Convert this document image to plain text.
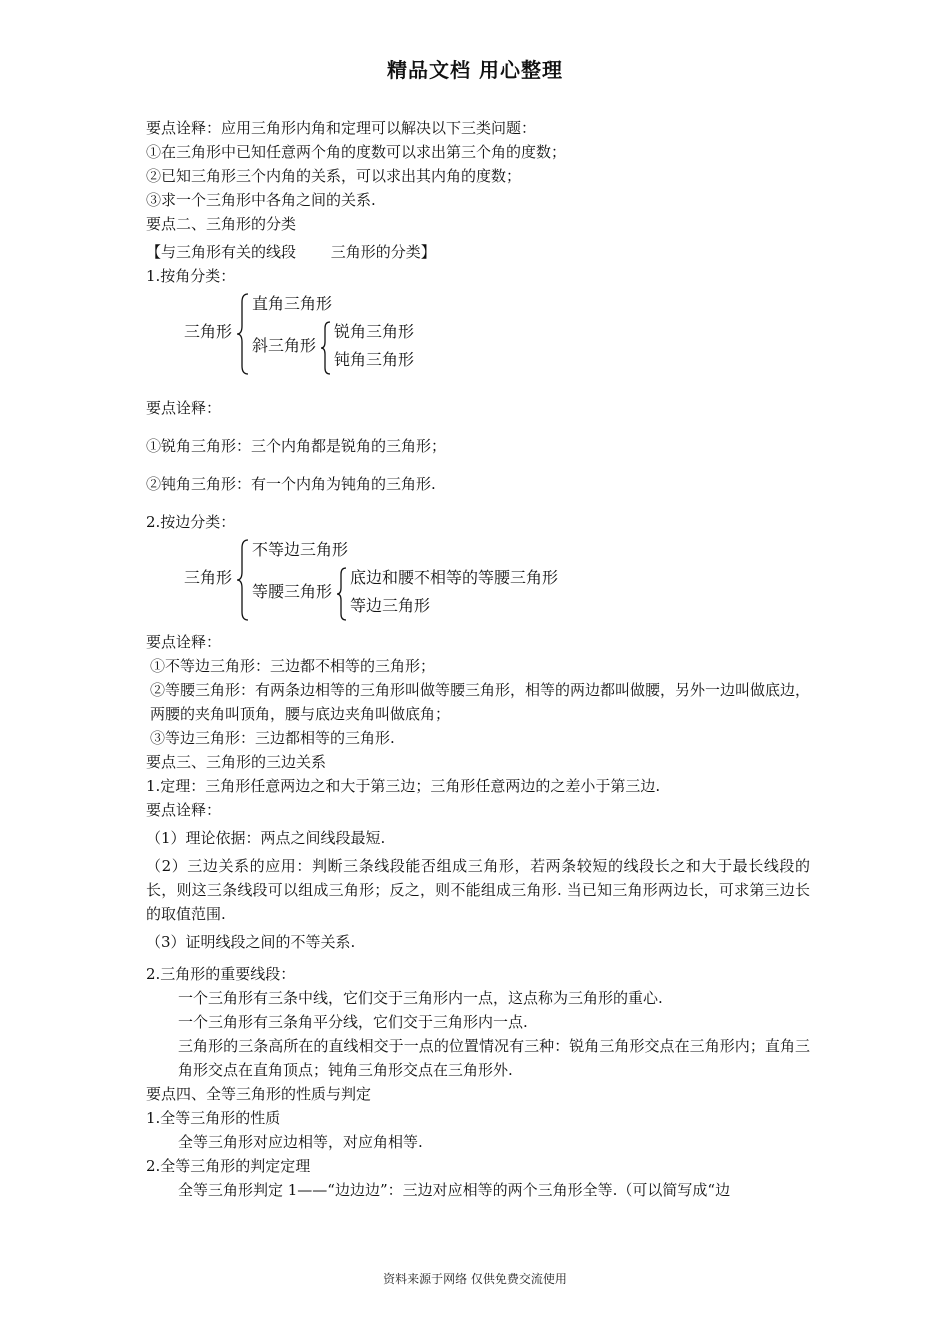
精品文档 用心整理
要点诠释：应用三角形内角和定理可以解决以下三类问题：
①在三角形中已知任意两个角的度数可以求出第三个角的度数；
②已知三角形三个内角的关系，可以求出其内角的度数；
③求一个三角形中各角之间的关系.
要点二、三角形的分类
【与三角形有关的线段　　 三角形的分类】
1.按角分类：
三角形
直角三角形
斜三角形
锐角三角形
钝角三角形
要点诠释：
①锐角三角形：三个内角都是锐角的三角形；
②钝角三角形：有一个内角为钝角的三角形.
2.按边分类：
三角形
不等边三角形
等腰三角形
底边和腰不相等的等腰三角形
等边三角形
要点诠释：
①不等边三角形：三边都不相等的三角形；
②等腰三角形：有两条边相等的三角形叫做等腰三角形，相等的两边都叫做腰，另外一边叫做底边，两腰的夹角叫顶角，腰与底边夹角叫做底角；
③等边三角形：三边都相等的三角形.
要点三、三角形的三边关系
1.定理：三角形任意两边之和大于第三边；三角形任意两边的之差小于第三边.
要点诠释：
（1）理论依据：两点之间线段最短.
（2）三边关系的应用：判断三条线段能否组成三角形，若两条较短的线段长之和大于最长线段的长，则这三条线段可以组成三角形；反之，则不能组成三角形. 当已知三角形两边长，可求第三边长的取值范围.
（3）证明线段之间的不等关系.
2.三角形的重要线段：
一个三角形有三条中线，它们交于三角形内一点，这点称为三角形的重心.
一个三角形有三条角平分线，它们交于三角形内一点.
三角形的三条高所在的直线相交于一点的位置情况有三种：锐角三角形交点在三角形内；直角三角形交点在直角顶点；钝角三角形交点在三角形外.
要点四、全等三角形的性质与判定
1.全等三角形的性质
全等三角形对应边相等，对应角相等.
2.全等三角形的判定定理
全等三角形判定 1——“边边边”：三边对应相等的两个三角形全等.（可以简写成“边
资料来源于网络 仅供免费交流使用
